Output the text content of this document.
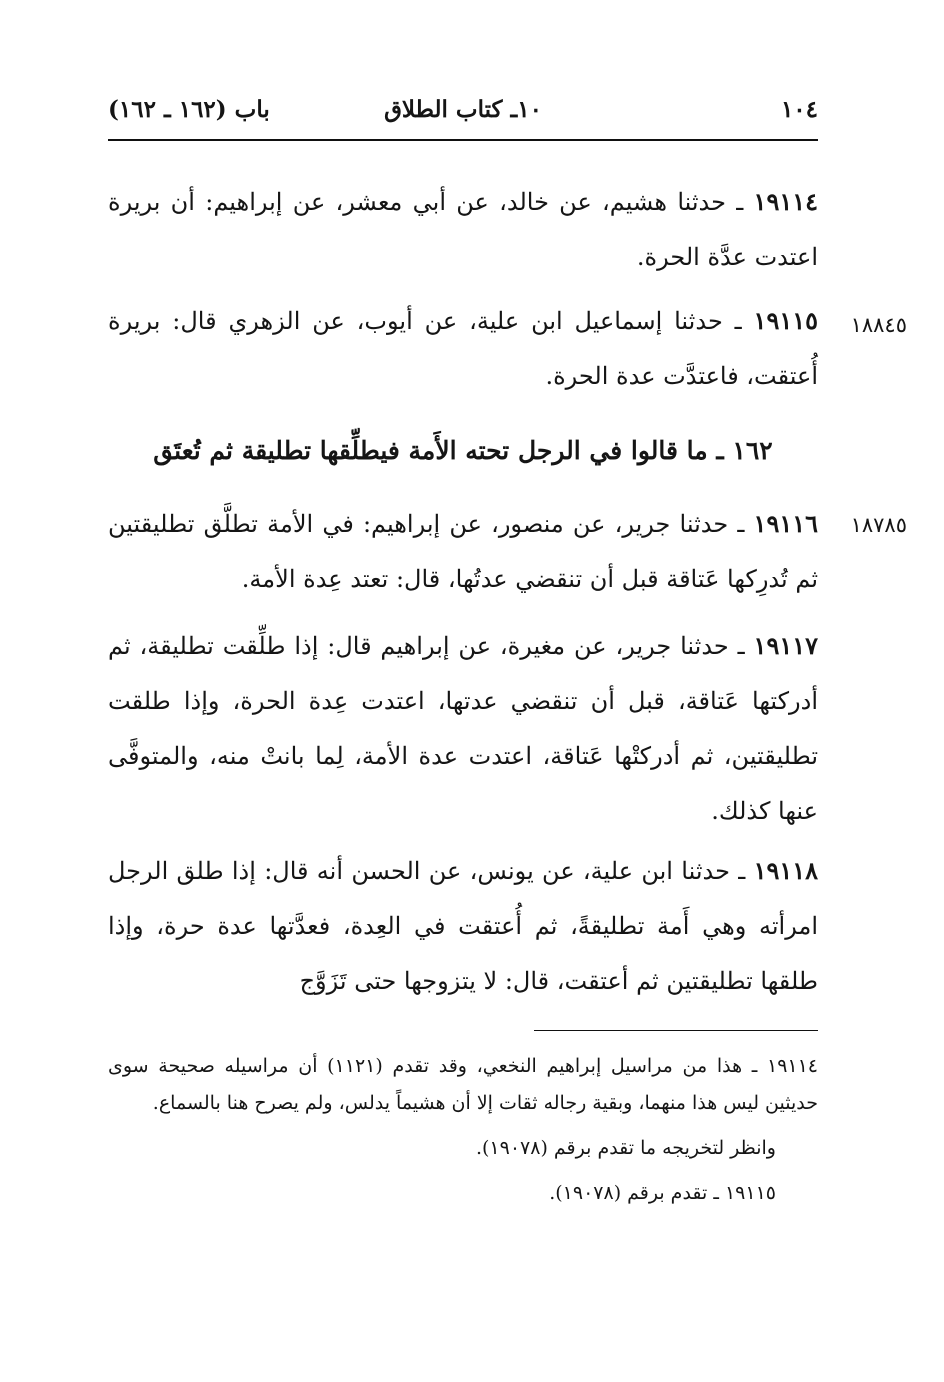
١٠٤
١٠ـ كتاب الطلاق
باب (١٦٢ ـ ١٦٢)

١٩١١٤ ـ حدثنا هشيم، عن خالد، عن أبي معشر، عن إبراهيم: أن بريرة اعتدت عدَّة الحرة.

١٨٨٤٥

١٩١١٥ ـ حدثنا إسماعيل ابن علية، عن أيوب، عن الزهري قال: بريرة أُعتقت، فاعتدَّت عدة الحرة.

١٦٢ ـ ما قالوا في الرجل تحته الأَمة فيطلِّقها تطليقة ثم تُعتَق
١٨٧٨٥

١٩١١٦ ـ حدثنا جرير، عن منصور، عن إبراهيم: في الأمة تطلَّق تطليقتين ثم تُدرِكها عَتاقة قبل أن تنقضي عدتُها، قال: تعتد عِدة الأمة.

١٩١١٧ ـ حدثنا جرير، عن مغيرة، عن إبراهيم قال: إذا طلِّقت تطليقة، ثم أدركتها عَتاقة، قبل أن تنقضي عدتها، اعتدت عِدة الحرة، وإذا طلقت تطليقتين، ثم أدركتْها عَتاقة، اعتدت عدة الأمة، لِما بانتْ منه، والمتوفَّى عنها كذلك.

١٩١١٨ ـ حدثنا ابن علية، عن يونس، عن الحسن أنه قال: إذا طلق الرجل امرأته وهي أَمة تطليقةً، ثم أُعتقت في العِدة، فعدَّتها عدة حرة، وإذا طلقها تطليقتين ثم أعتقت، قال: لا يتزوجها حتى تَزَوَّج

١٩١١٤ ـ هذا من مراسيل إبراهيم النخعي، وقد تقدم (١١٢١) أن مراسيله صحيحة سوى حديثين ليس هذا منهما، وبقية رجاله ثقات إلا أن هشيماً يدلس، ولم يصرح هنا بالسماع.

وانظر لتخريجه ما تقدم برقم (١٩٠٧٨).

١٩١١٥ ـ تقدم برقم (١٩٠٧٨).
